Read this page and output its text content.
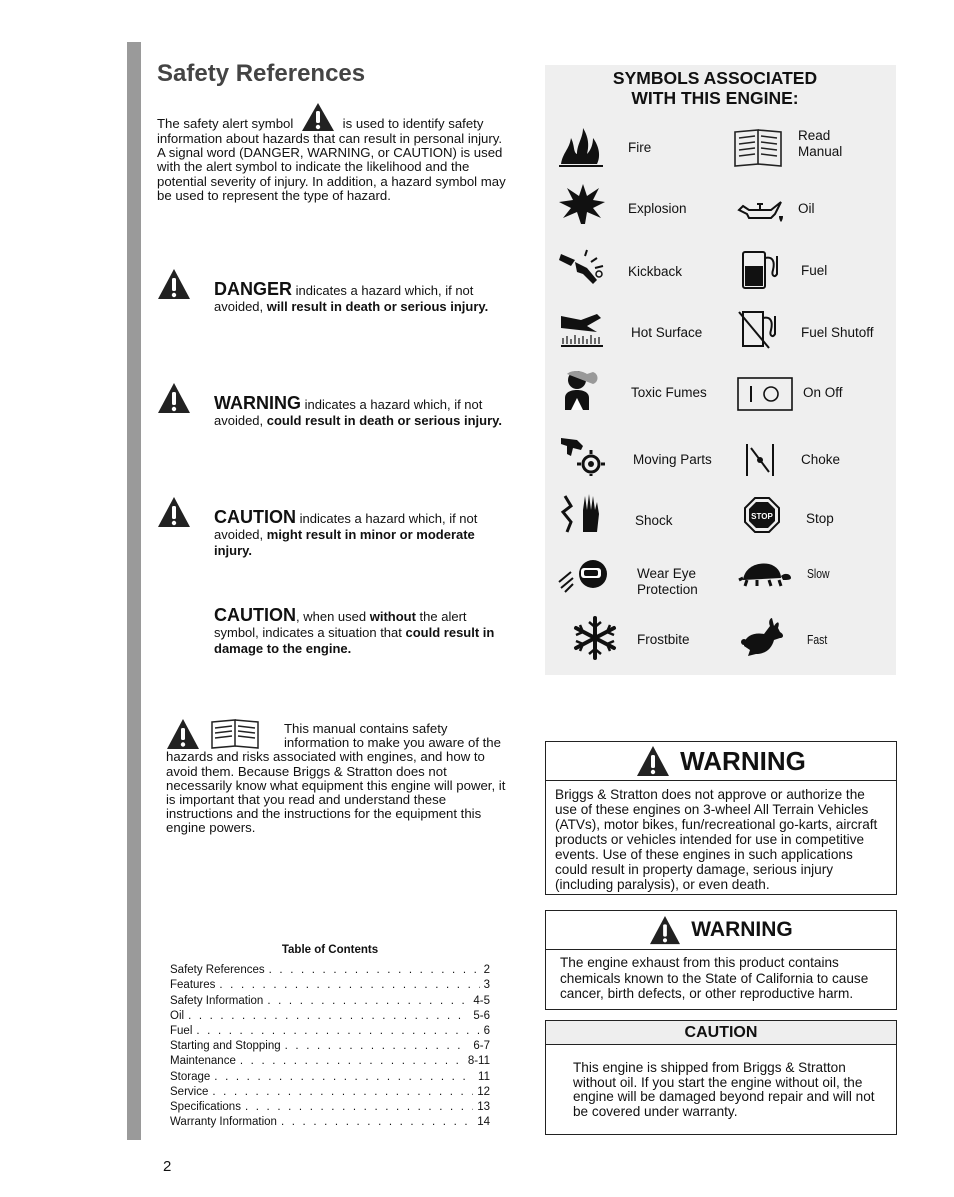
Safety References
The safety alert symbol	is used to identify safety information about hazards that can result in personal injury. A signal word (DANGER, WARNING, or CAUTION) is used with the alert symbol to indicate the likelihood and the potential severity of injury. In addition, a hazard symbol may be used to represent the type of hazard.
DANGER indicates a hazard which, if not avoided, will result in death or serious injury.
WARNING indicates a hazard which, if not avoided, could result in death or serious injury.
CAUTION indicates a hazard which, if not avoided, might result in minor or moderate injury.
CAUTION, when used without the alert symbol, indicates a situation that could result in damage to the engine.
This manual contains safety information to make you aware of the hazards and risks associated with engines, and how to avoid them. Because Briggs & Stratton does not necessarily know what equipment this engine will power, it is important that you read and understand these instructions and the instructions for the equipment this engine powers.
Table of Contents
Safety References . . .	2
Features . . .	3
Safety Information . . .	4-5
Oil . . .	5-6
Fuel . . .	6
Starting and Stopping . . .	6-7
Maintenance . . .	8-11
Storage . . .	11
Service . . .	12
Specifications . . .	13
Warranty Information . . .	14
2
SYMBOLS ASSOCIATED
WITH THIS ENGINE:
Fire
Explosion
Kickback
Hot Surface
Toxic Fumes
Moving Parts
Shock
Wear Eye Protection
Frostbite
Read Manual
Oil
Fuel
Fuel Shutoff
On Off
Choke
STOP Stop
Slow
Fast
WARNING
Briggs & Stratton does not approve or authorize the use of these engines on 3-wheel All Terrain Vehicles (ATVs), motor bikes, fun/recreational go-karts, aircraft products or vehicles intended for use in competitive events. Use of these engines in such applications could result in property damage, serious injury (including paralysis), or even death.
WARNING
The engine exhaust from this product contains chemicals known to the State of California to cause cancer, birth defects, or other reproductive harm.
CAUTION
This engine is shipped from Briggs & Stratton without oil. If you start the engine without oil, the engine will be damaged beyond repair and will not be covered under warranty.
